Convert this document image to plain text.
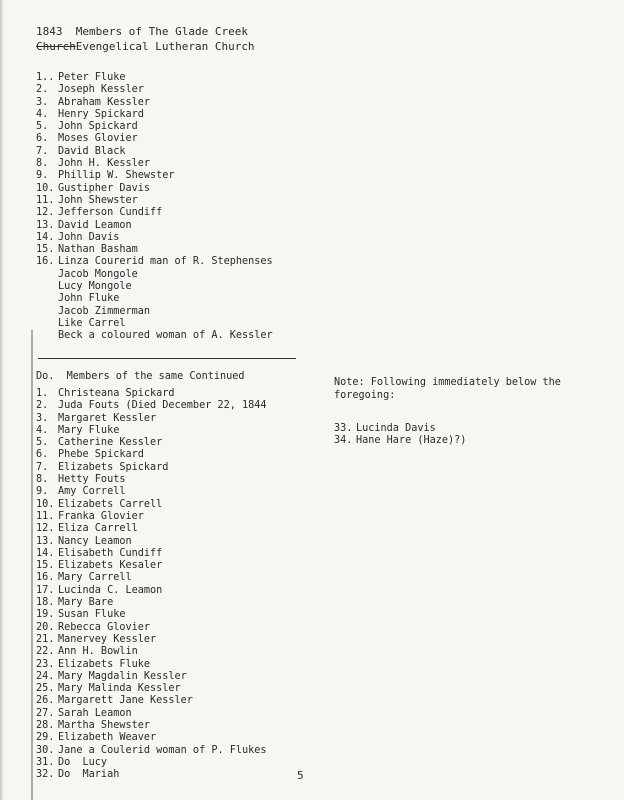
1843 Members of The Glade Creek
ChurchEvengelical Lutheran Church
1.. Peter Fluke
2. Joseph Kessler
3. Abraham Kessler
4. Henry Spickard
5. John Spickard
6. Moses Glovier
7. David Black
8. John H. Kessler
9. Phillip W. Shewster
10. Gustipher Davis
11. John Shewster
12. Jefferson Cundiff
13. David Leamon
14. John Davis
15. Nathan Basham
16. Linza Courerid man of R. Stephenses
Jacob Mongole
Lucy Mongole
John Fluke
Jacob Zimmerman
Like Carrel
Beck a coloured woman of A. Kessler
Do.  Members of the same Continued
1. Christeana Spickard
2. Juda Fouts (Died December 22, 1844
3. Margaret Kessler
4. Mary Fluke
5. Catherine Kessler
6. Phebe Spickard
7. Elizabets Spickard
8. Hetty Fouts
9. Amy Correll
10. Elizabets Carrell
11. Franka Glovier
12. Eliza Carrell
13. Nancy Leamon
14. Elisabeth Cundiff
15. Elizabets Kesaler
16. Mary Carrell
17. Lucinda C. Leamon
18. Mary Bare
19. Susan Fluke
20. Rebecca Glovier
21. Manervey Kessler
22. Ann H. Bowlin
23. Elizabets Fluke
24. Mary Magdalin Kessler
25. Mary Malinda Kessler
26. Margarett Jane Kessler
27. Sarah Leamon
28. Martha Shewster
29. Elizabeth Weaver
30. Jane a Coulerid woman of P. Flukes
31. Do  Lucy
32. Do  Mariah
Note: Following immediately below the foregoing:
33. Lucinda Davis
34. Hane Hare (Haze)?)
5
